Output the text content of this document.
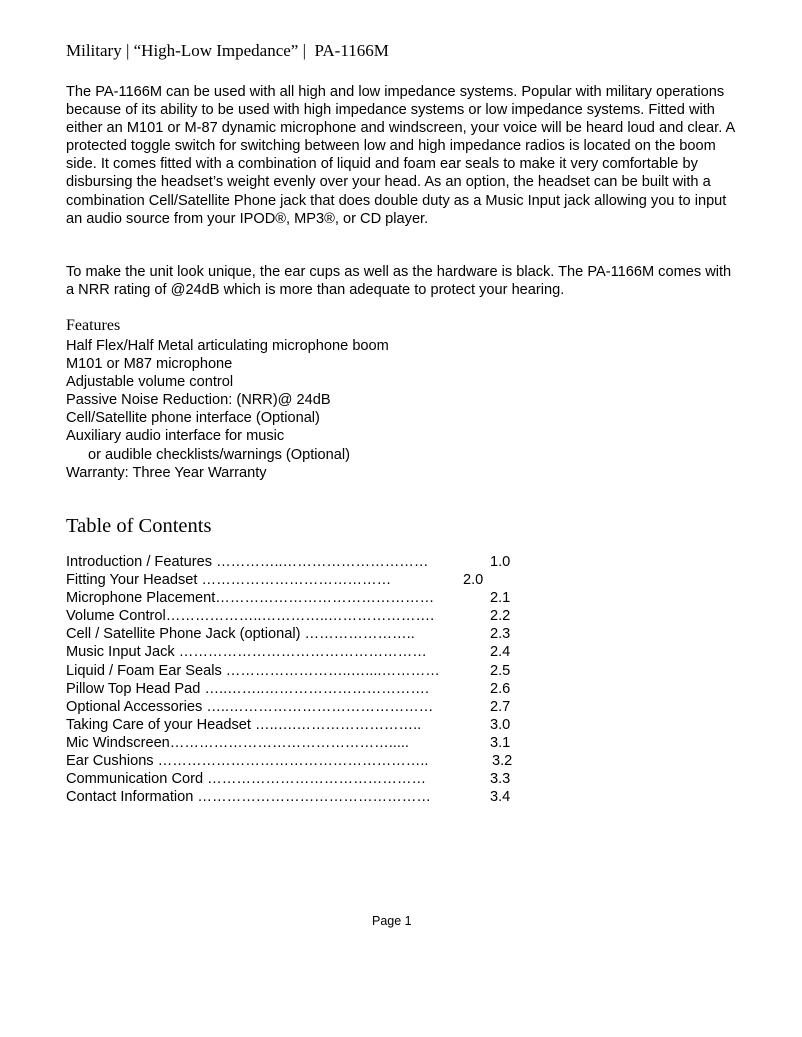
Military | “High-Low Impedance” |  PA-1166M
The PA-1166M can be used with all high and low impedance systems. Popular with military operations because of its ability to be used with high impedance systems or low impedance systems. Fitted with either an M101 or M-87 dynamic microphone and windscreen, your voice will be heard loud and clear. A protected toggle switch for switching between low and high impedance radios is located on the boom side. It comes fitted with a combination of liquid and foam ear seals to make it very comfortable by disbursing the headset’s weight evenly over your head. As an option, the headset can be built with a combination Cell/Satellite Phone jack that does double duty as a Music Input jack allowing you to input an audio source from your IPOD®, MP3®, or CD player.
To make the unit look unique, the ear cups as well as the hardware is black. The PA-1166M comes with a NRR rating of @24dB which is more than adequate to protect your hearing.
Features
Half Flex/Half Metal articulating microphone boom
M101 or M87 microphone
Adjustable volume control
Passive Noise Reduction: (NRR)@ 24dB
Cell/Satellite phone interface (Optional)
Auxiliary audio interface for music
or audible checklists/warnings (Optional)
Warranty: Three Year Warranty
Table of Contents
Introduction / Features …………..…………………………	1.0
Fitting Your Headset …………………………………	2.0
Microphone Placement………………………………………	2.1
Volume Control………………..…………..………………….	2.2
Cell / Satellite Phone Jack (optional) …………………..	2.3
Music Input Jack ……………………………………………	2.4
Liquid / Foam Ear Seals ……………………..…....…………	2.5
Pillow Top Head Pad …..……..…………………………….	2.6
Optional Accessories …..……………………………………	2.7
Taking Care of your Headset …..….……………………..	3.0
Mic Windscreen……………………………………….....	3.1
Ear Cushions ………………………………………………..	3.2
Communication Cord ………………………………………	3.3
Contact Information …………………………………………	3.4
Page 1
